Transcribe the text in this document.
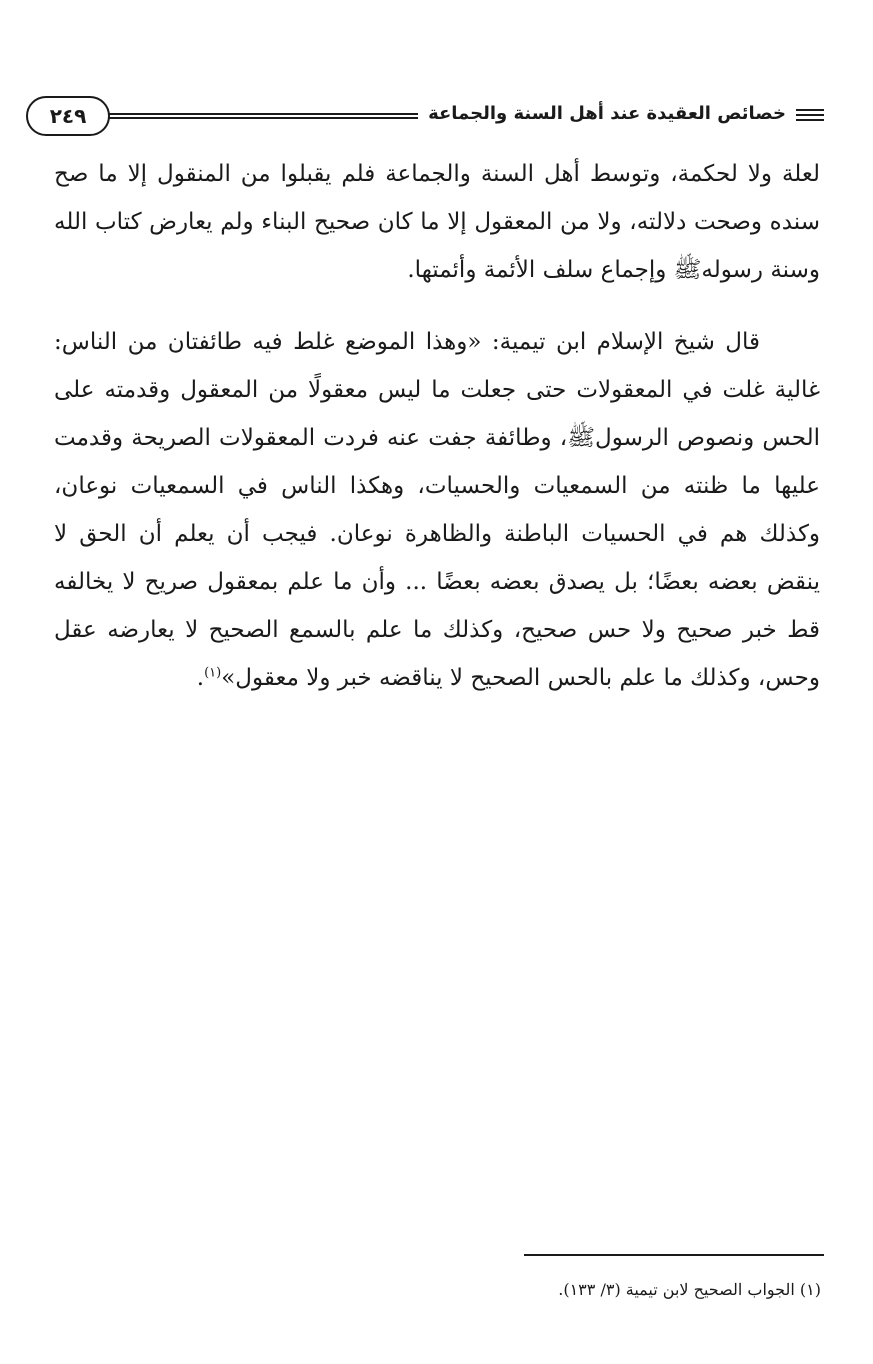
٢٤٩	خصائص العقيدة عند أهل السنة والجماعة

لعلة ولا لحكمة، وتوسط أهل السنة والجماعة فلم يقبلوا من المنقول إلا ما صح سنده وصحت دلالته، ولا من المعقول إلا ما كان صحيح البناء ولم يعارض كتاب الله وسنة رسولهﷺ وإجماع سلف الأئمة وأئمتها.

قال شيخ الإسلام ابن تيمية: «وهذا الموضع غلط فيه طائفتان من الناس: غالية غلت في المعقولات حتى جعلت ما ليس معقولًا من المعقول وقدمته على الحس ونصوص الرسولﷺ، وطائفة جفت عنه فردت المعقولات الصريحة وقدمت عليها ما ظنته من السمعيات والحسيات، وهكذا الناس في السمعيات نوعان، وكذلك هم في الحسيات الباطنة والظاهرة نوعان. فيجب أن يعلم أن الحق لا ينقض بعضه بعضًا؛ بل يصدق بعضه بعضًا ... وأن ما علم بمعقول صريح لا يخالفه قط خبر صحيح ولا حس صحيح، وكذلك ما علم بالسمع الصحيح لا يعارضه عقل وحس، وكذلك ما علم بالحس الصحيح لا يناقضه خبر ولا معقول»$^{(١)}$.

(١) الجواب الصحيح لابن تيمية (٣/ ١٣٣).
